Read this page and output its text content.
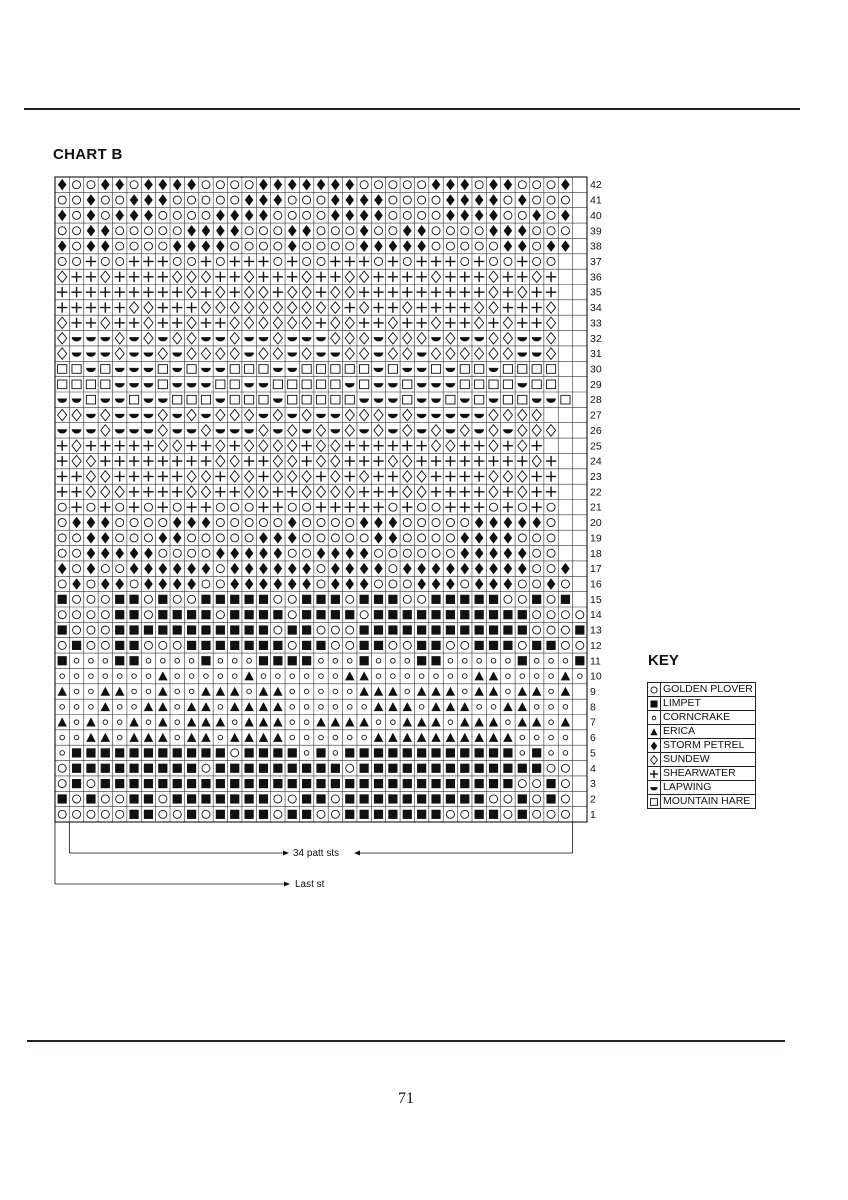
CHART B
42
41
40
39
38
37
36
35
34
33
32
31
30
29
28
27
26
25
24
23
22
21
20
19
18
17
16
15
14
13
12
11
10
9
8
7
6
5
4
3
2
1
34 patt sts
Last st
KEY
	GOLDEN PLOVER

	LIMPET

	CORNCRAKE

	ERICA

	STORM PETREL

	SUNDEW

	SHEARWATER

	LAPWING

	MOUNTAIN HARE
71
